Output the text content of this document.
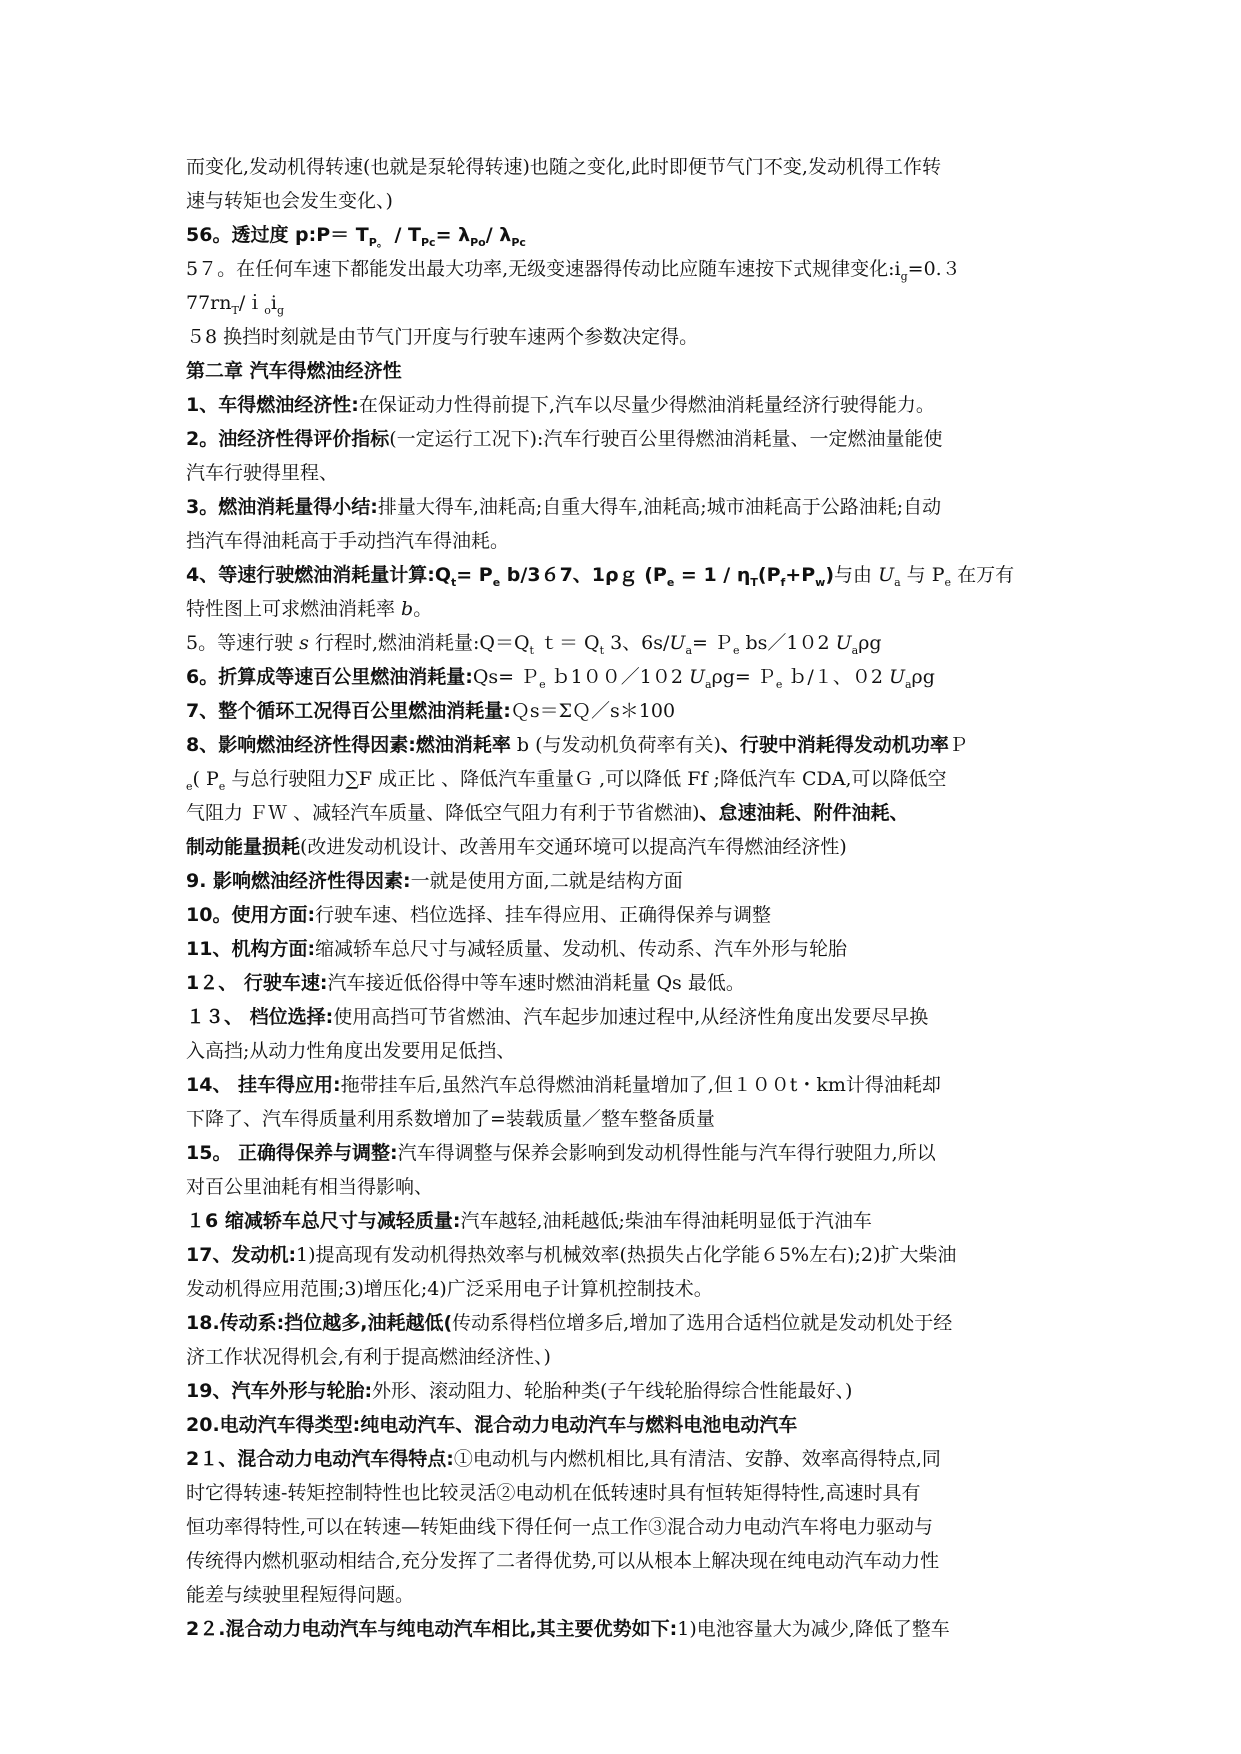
而变化,发动机得转速(也就是泵轮得转速)也随之变化,此时即便节气门不变,发动机得工作转
速与转矩也会发生变化、)
56。透过度 p:P＝ $T_{P。} / T_{Pc}= \lambda_{Po}/$ $\lambda_{Pc}$
5７。在任何车速下都能发出最大功率,无级变速器得传动比应随车速按下式规律变化$:i_g=0.3$
$77rn_T/i_oi_g$
５8 换挡时刻就是由节气门开度与行驶车速两个参数决定得。
第二章 汽车得燃油经济性
1、车得燃油经济性:在保证动力性得前提下,汽车以尽量少得燃油消耗量经济行驶得能力。
2。油经济性得评价指标(一定运行工况下):汽车行驶百公里得燃油消耗量、一定燃油量能使
汽车行驶得里程、
3。燃油消耗量得小结:排量大得车,油耗高;自重大得车,油耗高;城市油耗高于公路油耗;自动
挡汽车得油耗高于手动挡汽车得油耗。
4、等速行驶燃油消耗量计算$:Q_t= P_e$ b/3６7、1ρｇ ($P_e = 1 / \eta_T(P_f+P_w)$与由 $U_a$ 与 $P_e$ 在万有
特性图上可求燃油消耗率 b。
5。等速行驶 s 行程时,燃油消耗量$:Q=Q_t$ ｔ＝ $Q_t$ 3、$6s/U_a=$ Ｐ$_e$ bs／1０2 $U_a\rho g$
6。折算成等速百公里燃油消耗量:Qs= Ｐ$_e$ ｂ1００／1０2 $U_a\rho g=$ Ｐ$_e$ ｂ/１、０2 $U_a\rho g$
7、整个循环工况得百公里燃油消耗量:Ｑs＝ΣＱ／s＊100
8、影响燃油经济性得因素:燃油消耗率 b (与发动机负荷率有关)、行驶中消耗得发动机功率Ｐ
$_e$( $P_e$ 与总行驶阻力∑F 成正比 、降低汽车重量Ｇ ,可以降低 Ff ;降低汽车 CDA,可以降低空
气阻力 ＦＷ 、减轻汽车质量、降低空气阻力有利于节省燃油)、怠速油耗、附件油耗、
制动能量损耗(改进发动机设计、改善用车交通环境可以提高汽车得燃油经济性)
9. 影响燃油经济性得因素:一就是使用方面,二就是结构方面
10。使用方面:行驶车速、档位选择、挂车得应用、正确得保养与调整
11、机构方面:缩减轿车总尺寸与减轻质量、发动机、传动系、汽车外形与轮胎
1２、 行驶车速:汽车接近低俗得中等车速时燃油消耗量 Qs 最低。
１３、 档位选择:使用高挡可节省燃油、汽车起步加速过程中,从经济性角度出发要尽早换
入高挡;从动力性角度出发要用足低挡、
14、 挂车得应用:拖带挂车后,虽然汽车总得燃油消耗量增加了,但１００t・km计得油耗却
下降了、汽车得质量利用系数增加了=装载质量／整车整备质量
15。 正确得保养与调整:汽车得调整与保养会影响到发动机得性能与汽车得行驶阻力,所以
对百公里油耗有相当得影响、
１6 缩减轿车总尺寸与减轻质量:汽车越轻,油耗越低;柴油车得油耗明显低于汽油车
17、发动机:1)提高现有发动机得热效率与机械效率(热损失占化学能６5%左右);2)扩大柴油
发动机得应用范围;3)增压化;4)广泛采用电子计算机控制技术。
18.传动系:挡位越多,油耗越低(传动系得档位增多后,增加了选用合适档位就是发动机处于经
济工作状况得机会,有利于提高燃油经济性、)
19、汽车外形与轮胎:外形、滚动阻力、轮胎种类(子午线轮胎得综合性能最好、)
20.电动汽车得类型:纯电动汽车、混合动力电动汽车与燃料电池电动汽车
2１、混合动力电动汽车得特点:①电动机与内燃机相比,具有清洁、安静、效率高得特点,同
时它得转速-转矩控制特性也比较灵活②电动机在低转速时具有恒转矩得特性,高速时具有
恒功率得特性,可以在转速—转矩曲线下得任何一点工作③混合动力电动汽车将电力驱动与
传统得内燃机驱动相结合,充分发挥了二者得优势,可以从根本上解决现在纯电动汽车动力性
能差与续驶里程短得问题。
2２.混合动力电动汽车与纯电动汽车相比,其主要优势如下:1)电池容量大为减少,降低了整车
